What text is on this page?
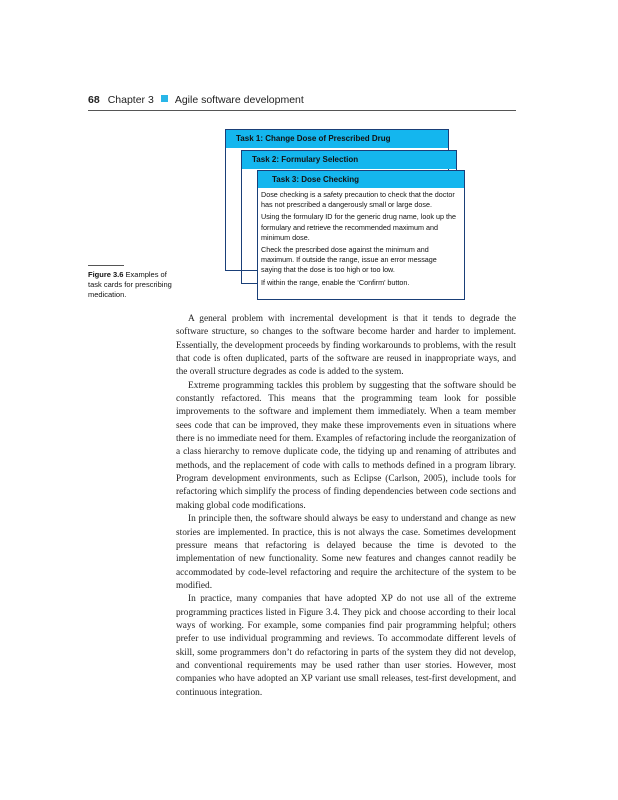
68 Chapter 3 Agile software development
Task 1: Change Dose of Prescribed Drug
Task 2: Formulary Selection
Task 3: Dose Checking

Dose checking is a safety precaution to check that the doctor has not prescribed a dangerously small or large dose.

Using the formulary ID for the generic drug name, look up the formulary and retrieve the recommended maximum and minimum dose.

Check the prescribed dose against the minimum and maximum. If outside the range, issue an error message saying that the dose is too high or too low.

If within the range, enable the ‘Confirm’ button.

Figure 3.6 Examples of task cards for prescribing medication.

A general problem with incremental development is that it tends to degrade the software structure, so changes to the software become harder and harder to implement. Essentially, the development proceeds by finding workarounds to problems, with the result that code is often duplicated, parts of the software are reused in inappropriate ways, and the overall structure degrades as code is added to the system.

Extreme programming tackles this problem by suggesting that the software should be constantly refactored. This means that the programming team look for possible improvements to the software and implement them immediately. When a team member sees code that can be improved, they make these improvements even in situations where there is no immediate need for them. Examples of refactoring include the reorganization of a class hierarchy to remove duplicate code, the tidying up and renaming of attributes and methods, and the replacement of code with calls to methods defined in a program library. Program development environments, such as Eclipse (Carlson, 2005), include tools for refactoring which simplify the process of finding dependencies between code sections and making global code modifications.

In principle then, the software should always be easy to understand and change as new stories are implemented. In practice, this is not always the case. Sometimes development pressure means that refactoring is delayed because the time is devoted to the implementation of new functionality. Some new features and changes cannot readily be accommodated by code-level refactoring and require the architecture of the system to be modified.

In practice, many companies that have adopted XP do not use all of the extreme programming practices listed in Figure 3.4. They pick and choose according to their local ways of working. For example, some companies find pair programming helpful; others prefer to use individual programming and reviews. To accommodate different levels of skill, some programmers don’t do refactoring in parts of the system they did not develop, and conventional requirements may be used rather than user stories. However, most companies who have adopted an XP variant use small releases, test-first development, and continuous integration.
